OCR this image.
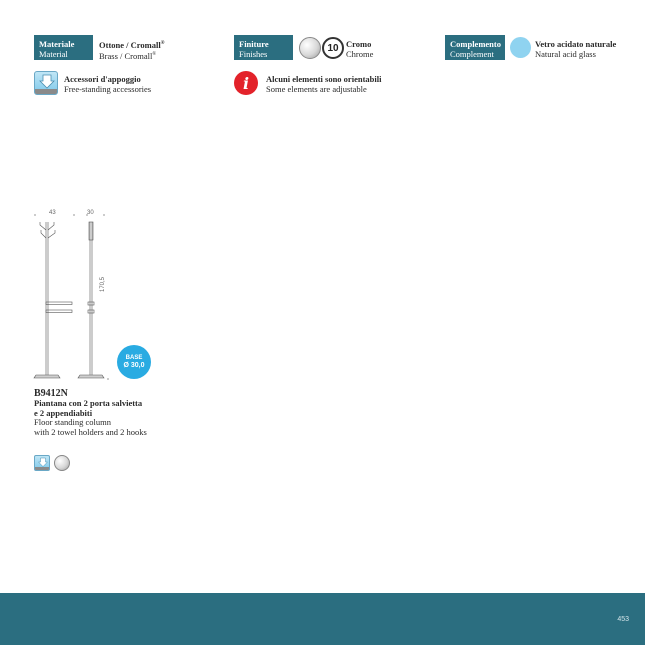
Materiale
Material
Ottone / Cromall®
Brass / Cromall®
Finiture
Finishes
10 Cromo
Chrome
Complemento
Complement
Vetro acidato naturale
Natural acid glass
Accessori d'appoggio
Free-standing accessories	i Alcuni elementi sono orientabili
Some elements are adjustable
43	30
170,5
BASE
Ø 30,0
B9412N
Piantana con 2 porta salvietta
e 2 appendiabiti
Floor standing column
with 2 towel holders and 2 hooks
453
